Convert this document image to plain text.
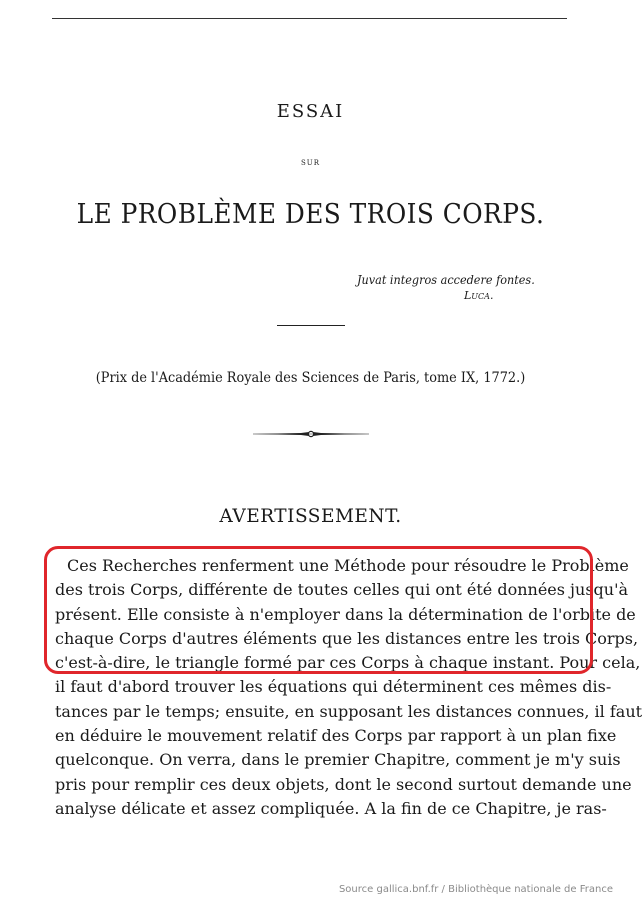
ESSAI
SUR
LE PROBLÈME DES TROIS CORPS.
Juvat integros accedere fontes.
Luca.
(Prix de l'Académie Royale des Sciences de Paris, tome IX, 1772.)
AVERTISSEMENT.
Ces Recherches renferment une Méthode pour résoudre le Problème
des trois Corps, différente de toutes celles qui ont été données jusqu'à
présent. Elle consiste à n'employer dans la détermination de l'orbite de
chaque Corps d'autres éléments que les distances entre les trois Corps,
c'est-à-dire, le triangle formé par ces Corps à chaque instant. Pour cela,
il faut d'abord trouver les équations qui déterminent ces mêmes dis-
tances par le temps; ensuite, en supposant les distances connues, il faut
en déduire le mouvement relatif des Corps par rapport à un plan fixe
quelconque. On verra, dans le premier Chapitre, comment je m'y suis
pris pour remplir ces deux objets, dont le second surtout demande une
analyse délicate et assez compliquée. A la fin de ce Chapitre, je ras-
Source gallica.bnf.fr / Bibliothèque nationale de France
